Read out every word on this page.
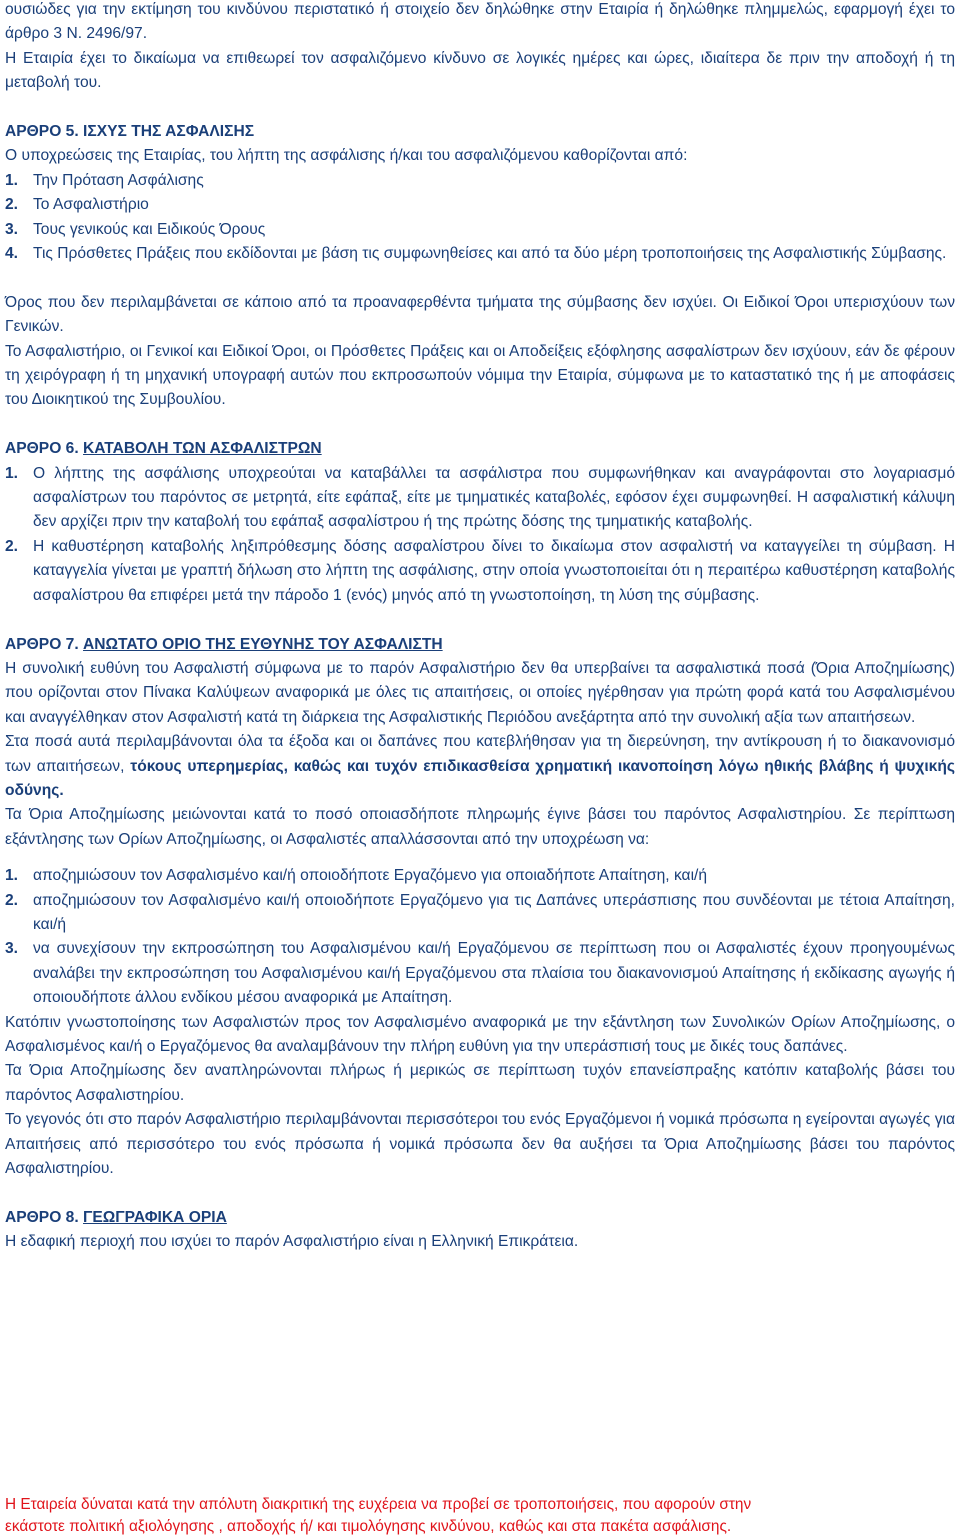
ουσιώδες για την εκτίμηση του κινδύνου περιστατικό ή στοιχείο δεν δηλώθηκε στην Εταιρία ή δηλώθηκε πλημμελώς, εφαρμογή έχει το άρθρο 3 Ν. 2496/97.

Η Εταιρία έχει το δικαίωμα να επιθεωρεί τον ασφαλιζόμενο κίνδυνο σε λογικές ημέρες και ώρες, ιδιαίτερα δε πριν την αποδοχή ή τη μεταβολή του.

ΑΡΘΡΟ 5. ΙΣΧΥΣ ΤΗΣ ΑΣΦΑΛΙΣΗΣ

Ο υποχρεώσεις της Εταιρίας, του λήπτη της ασφάλισης ή/και του ασφαλιζόμενου καθορίζονται από:

1. Την Πρόταση Ασφάλισης
2. Το Ασφαλιστήριο
3. Τους γενικούς και Ειδικούς Όρους
4. Τις Πρόσθετες Πράξεις που εκδίδονται με βάση τις συμφωνηθείσες και από τα δύο μέρη τροποποιήσεις της Ασφαλιστικής Σύμβασης.

Όρος που δεν περιλαμβάνεται σε κάποιο από τα προαναφερθέντα τμήματα της σύμβασης δεν ισχύει. Οι Ειδικοί Όροι υπερισχύουν των Γενικών.

Το Ασφαλιστήριο, οι Γενικοί και Ειδικοί Όροι, οι Πρόσθετες Πράξεις και οι Αποδείξεις εξόφλησης ασφαλίστρων δεν ισχύουν, εάν δε φέρουν τη χειρόγραφη ή τη μηχανική υπογραφή αυτών που εκπροσωπούν νόμιμα την Εταιρία, σύμφωνα με το καταστατικό της ή με αποφάσεις του Διοικητικού της Συμβουλίου.

ΑΡΘΡΟ 6. ΚΑΤΑΒΟΛΗ ΤΩΝ ΑΣΦΑΛΙΣΤΡΩΝ

1. Ο λήπτης της ασφάλισης υποχρεούται να καταβάλλει τα ασφάλιστρα που συμφωνήθηκαν και αναγράφονται στο λογαριασμό ασφαλίστρων του παρόντος σε μετρητά, είτε εφάπαξ, είτε με τμηματικές καταβολές, εφόσον έχει συμφωνηθεί. Η ασφαλιστική κάλυψη δεν αρχίζει πριν την καταβολή του εφάπαξ ασφαλίστρου ή της πρώτης δόσης της τμηματικής καταβολής.
2. Η καθυστέρηση καταβολής ληξιπρόθεσμης δόσης ασφαλίστρου δίνει το δικαίωμα στον ασφαλιστή να καταγγείλει τη σύμβαση. Η καταγγελία γίνεται με γραπτή δήλωση στο λήπτη της ασφάλισης, στην οποία γνωστοποιείται ότι η περαιτέρω καθυστέρηση καταβολής ασφαλίστρου θα επιφέρει μετά την πάροδο 1 (ενός) μηνός από τη γνωστοποίηση, τη λύση της σύμβασης.

ΑΡΘΡΟ 7. ΑΝΩΤΑΤΟ ΟΡΙΟ ΤΗΣ ΕΥΘΥΝΗΣ ΤΟΥ ΑΣΦΑΛΙΣΤΗ

Η συνολική ευθύνη του Ασφαλιστή σύμφωνα με το παρόν Ασφαλιστήριο δεν θα υπερβαίνει τα ασφαλιστικά ποσά (Όρια Αποζημίωσης) που ορίζονται στον Πίνακα Καλύψεων αναφορικά με όλες τις απαιτήσεις, οι οποίες ηγέρθησαν για πρώτη φορά κατά του Ασφαλισμένου και αναγγέλθηκαν στον Ασφαλιστή κατά τη διάρκεια της Ασφαλιστικής Περιόδου ανεξάρτητα από την συνολική αξία των απαιτήσεων.

Στα ποσά αυτά περιλαμβάνονται όλα τα έξοδα και οι δαπάνες που κατεβλήθησαν για τη διερεύνηση, την αντίκρουση ή το διακανονισμό των απαιτήσεων, τόκους υπερημερίας, καθώς και τυχόν επιδικασθείσα χρηματική ικανοποίηση λόγω ηθικής βλάβης ή ψυχικής οδύνης.

Τα Όρια Αποζημίωσης μειώνονται κατά το ποσό οποιασδήποτε πληρωμής έγινε βάσει του παρόντος Ασφαλιστηρίου. Σε περίπτωση εξάντλησης των Ορίων Αποζημίωσης, οι Ασφαλιστές απαλλάσσονται από την υποχρέωση να:

1. αποζημιώσουν τον Ασφαλισμένο και/ή οποιοδήποτε Εργαζόμενο για οποιαδήποτε Απαίτηση, και/ή
2. αποζημιώσουν τον Ασφαλισμένο και/ή οποιοδήποτε Εργαζόμενο για τις Δαπάνες υπεράσπισης που συνδέονται με τέτοια Απαίτηση, και/ή
3. να συνεχίσουν την εκπροσώπηση του Ασφαλισμένου και/ή Εργαζόμενου σε περίπτωση που οι Ασφαλιστές έχουν προηγουμένως αναλάβει την εκπροσώπηση του Ασφαλισμένου και/ή Εργαζόμενου στα πλαίσια του διακανονισμού Απαίτησης ή εκδίκασης αγωγής ή οποιουδήποτε άλλου ενδίκου μέσου αναφορικά με Απαίτηση.

Κατόπιν γνωστοποίησης των Ασφαλιστών προς τον Ασφαλισμένο αναφορικά με την εξάντληση των Συνολικών Ορίων Αποζημίωσης, ο Ασφαλισμένος και/ή ο Εργαζόμενος θα αναλαμβάνουν την πλήρη ευθύνη για την υπεράσπισή τους με δικές τους δαπάνες.

Τα Όρια Αποζημίωσης δεν αναπληρώνονται πλήρως ή μερικώς σε περίπτωση τυχόν επανείσπραξης κατόπιν καταβολής βάσει του παρόντος Ασφαλιστηρίου.

Το γεγονός ότι στο παρόν Ασφαλιστήριο περιλαμβάνονται περισσότεροι του ενός Εργαζόμενοι ή νομικά πρόσωπα η εγείρονται αγωγές για Απαιτήσεις από περισσότερο του ενός πρόσωπα ή νομικά πρόσωπα δεν θα αυξήσει τα Όρια Αποζημίωσης βάσει του παρόντος Ασφαλιστηρίου.

ΑΡΘΡΟ 8. ΓΕΩΓΡΑΦΙΚΑ ΟΡΙΑ

Η εδαφική περιοχή που ισχύει το παρόν Ασφαλιστήριο είναι η Ελληνική Επικράτεια.

Η Εταιρεία δύναται κατά την απόλυτη διακριτική της ευχέρεια να προβεί σε τροποποιήσεις, που αφορούν στην

εκάστοτε πολιτική αξιολόγησης , αποδοχής ή/ και τιμολόγησης κινδύνου, καθώς και στα πακέτα ασφάλισης.
